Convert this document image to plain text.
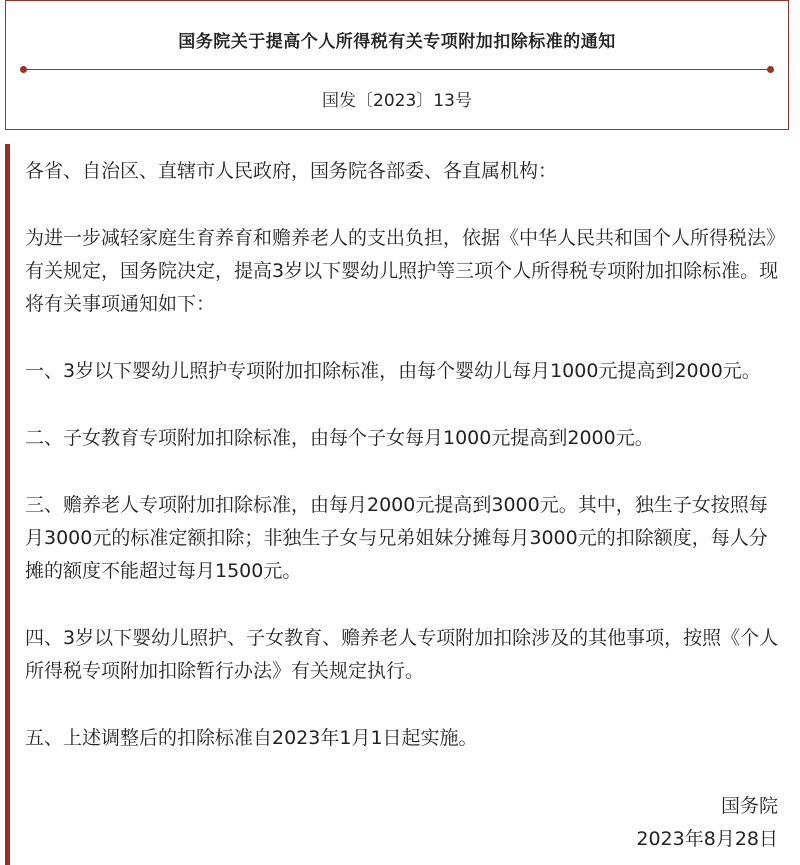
国务院关于提高个人所得税有关专项附加扣除标准的通知
国发〔2023〕13号

各省、自治区、直辖市人民政府，国务院各部委、各直属机构：

为进一步减轻家庭生育养育和赡养老人的支出负担，依据《中华人民共和国个人所得税法》有关规定，国务院决定，提高3岁以下婴幼儿照护等三项个人所得税专项附加扣除标准。现将有关事项通知如下：

一、3岁以下婴幼儿照护专项附加扣除标准，由每个婴幼儿每月1000元提高到2000元。

二、子女教育专项附加扣除标准，由每个子女每月1000元提高到2000元。

三、赡养老人专项附加扣除标准，由每月2000元提高到3000元。其中，独生子女按照每月3000元的标准定额扣除；非独生子女与兄弟姐妹分摊每月3000元的扣除额度，每人分摊的额度不能超过每月1500元。

四、3岁以下婴幼儿照护、子女教育、赡养老人专项附加扣除涉及的其他事项，按照《个人所得税专项附加扣除暂行办法》有关规定执行。

五、上述调整后的扣除标准自2023年1月1日起实施。

国务院
2023年8月28日
